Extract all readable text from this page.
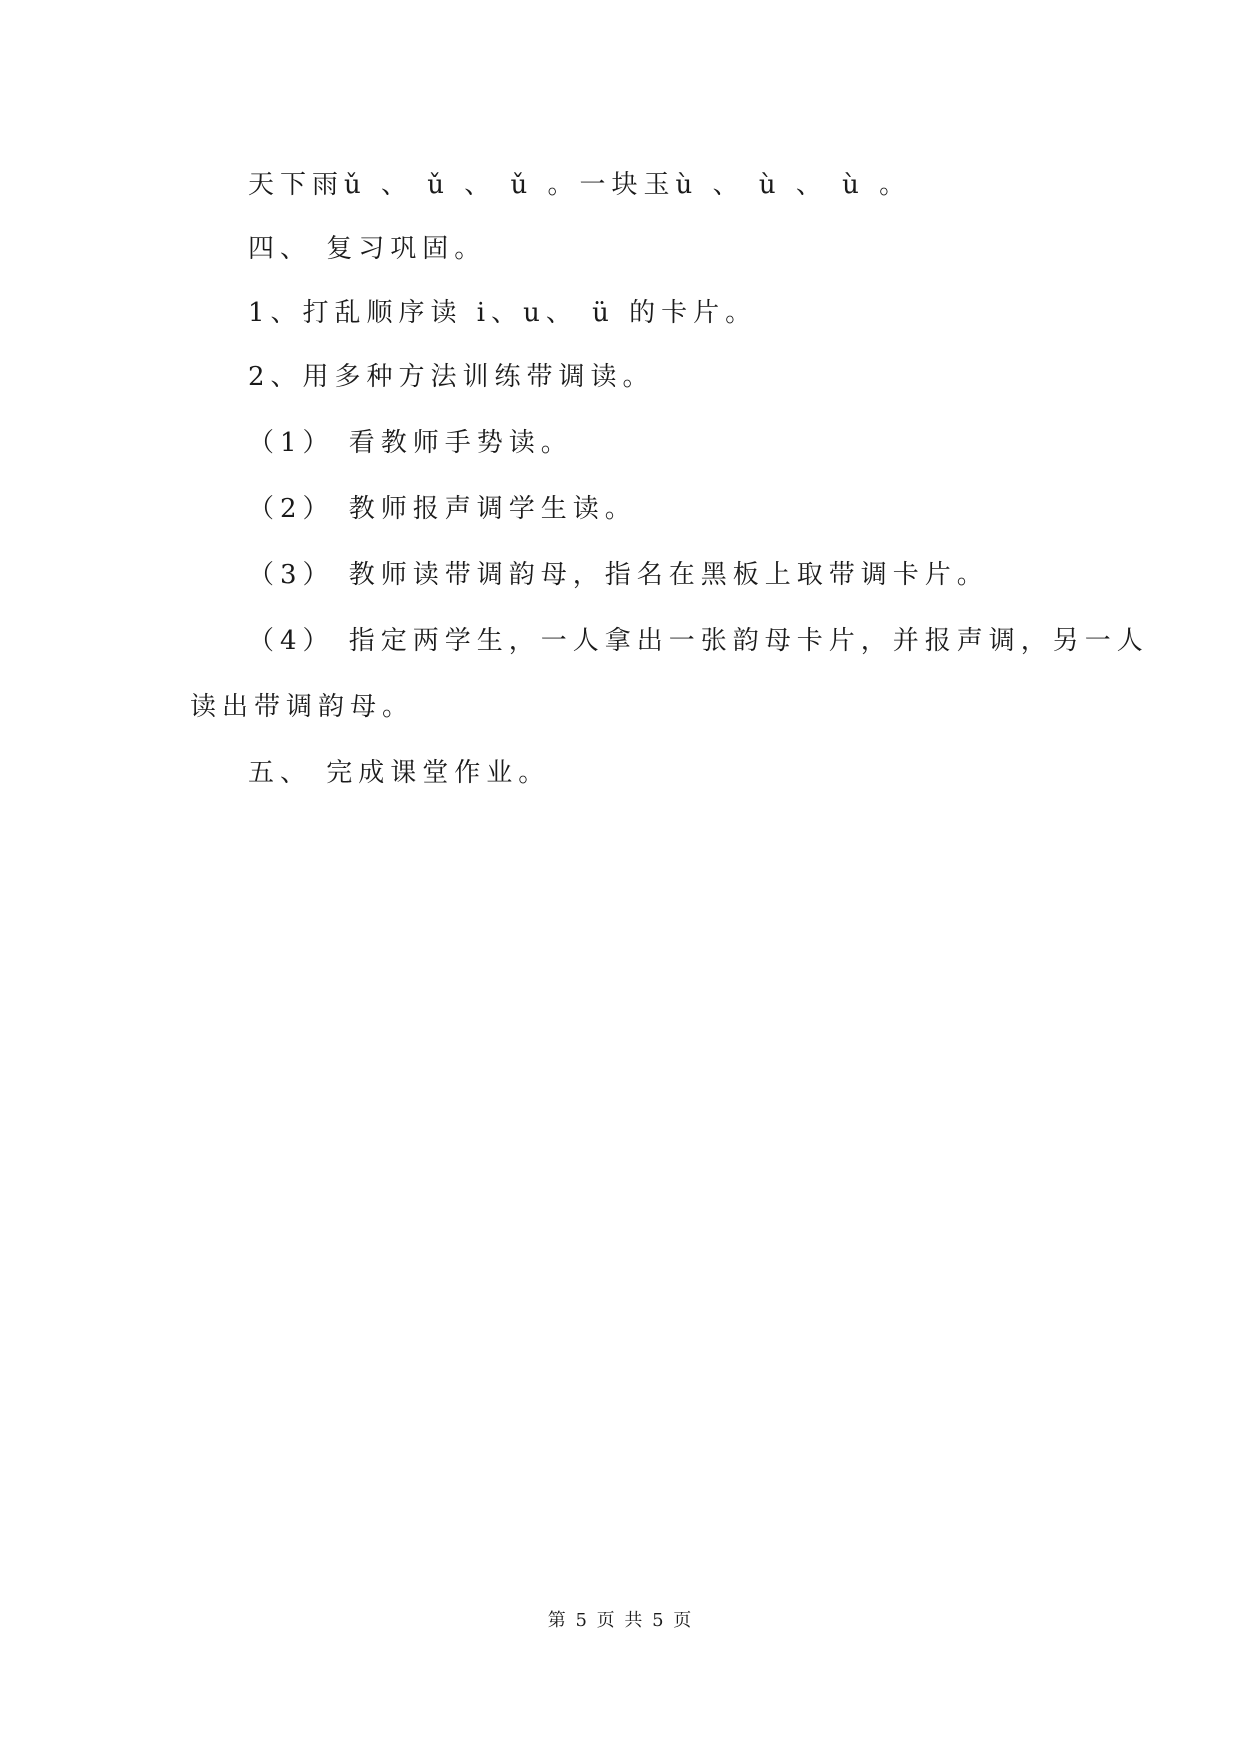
天下雨ǔ 、 ǔ 、 ǔ 。一块玉ù 、 ù 、 ù 。
四、 复习巩固。
1、打乱顺序读 i、u、 ü 的卡片。
2、用多种方法训练带调读。
（1） 看教师手势读。
（2） 教师报声调学生读。
（3） 教师读带调韵母，指名在黑板上取带调卡片。
（4） 指定两学生，一人拿出一张韵母卡片，并报声调，另一人
读出带调韵母。
五、 完成课堂作业。
第 5 页 共 5 页
